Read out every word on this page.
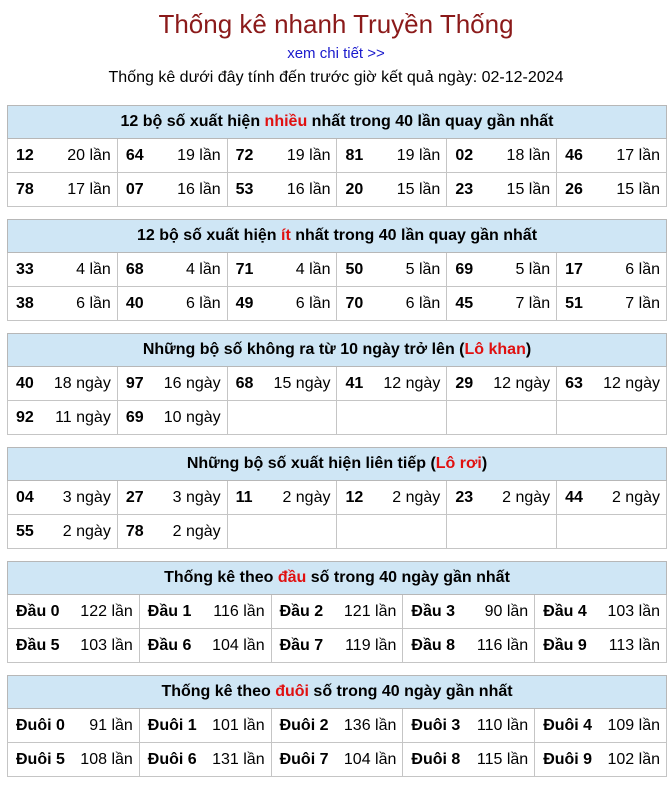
Thống kê nhanh Truyền Thống
xem chi tiết >>
Thống kê dưới đây tính đến trước giờ kết quả ngày: 02-12-2024
12 bộ số xuất hiện nhiều nhất trong 40 lần quay gần nhất					

12 20 lần	64 19 lần	72 19 lần	81 19 lần	02 18 lần	46 17 lần

78 17 lần	07 16 lần	53 16 lần	20 15 lần	23 15 lần	26 15 lần
12 bộ số xuất hiện ít nhất trong 40 lần quay gần nhất					

33 4 lần	68 4 lần	71 4 lần	50 5 lần	69 5 lần	17 6 lần

38 6 lần	40 6 lần	49 6 lần	70 6 lần	45 7 lần	51 7 lần
Những bộ số không ra từ 10 ngày trở lên (Lô khan)					

40 18 ngày	97 16 ngày	68 15 ngày	41 12 ngày	29 12 ngày	63 12 ngày

92 11 ngày	69 10 ngày				

Những bộ số xuất hiện liên tiếp (Lô rơi)					

04 3 ngày	27 3 ngày	11 2 ngày	12 2 ngày	23 2 ngày	44 2 ngày

55 2 ngày	78 2 ngày				

Thống kê theo đầu số trong 40 ngày gần nhất				

Đầu 0 122 lần	Đầu 1 116 lần	Đầu 2 121 lần	Đầu 3 90 lần	Đầu 4 103 lần

Đầu 5 103 lần	Đầu 6 104 lần	Đầu 7 119 lần	Đầu 8 116 lần	Đầu 9 113 lần
Thống kê theo đuôi số trong 40 ngày gần nhất				

Đuôi 0 91 lần	Đuôi 1 101 lần	Đuôi 2 136 lần	Đuôi 3 110 lần	Đuôi 4 109 lần

Đuôi 5 108 lần	Đuôi 6 131 lần	Đuôi 7 104 lần	Đuôi 8 115 lần	Đuôi 9 102 lần
